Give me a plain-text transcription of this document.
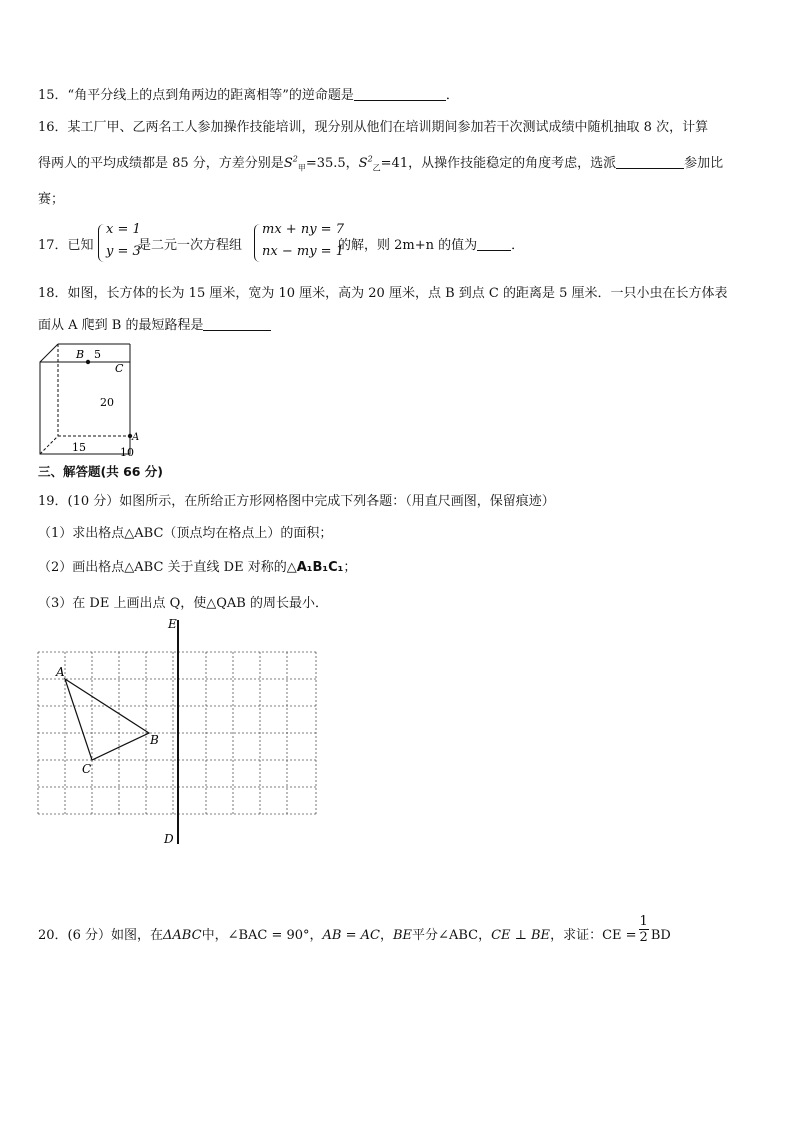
15．“角平分线上的点到角两边的距离相等”的逆命题是	．
16．某工厂甲、乙两名工人参加操作技能培训，现分别从他们在培训期间参加若干次测试成绩中随机抽取 8 次，计算
得两人的平均成绩都是 85 分，方差分别是$S^2_甲=35.5$，$S^2_乙=41$，从操作技能稳定的角度考虑，选派	参加比
赛；
17．已知
x = 1
y = 3
是二元一次方程组
mx + ny = 7
nx − my = 1
的解，则 2m+n 的值为	．
18．如图，长方体的长为 15 厘米，宽为 10 厘米，高为 20 厘米，点 B 到点 C 的距离是 5 厘米．一只小虫在长方体表
面从 A 爬到 B 的最短路程是
B 5
C
20
A
15	10
三、解答题(共 66 分)
19．(10 分）如图所示，在所给正方形网格图中完成下列各题：（用直尺画图，保留痕迹）
（1）求出格点△ABC（顶点均在格点上）的面积；
（2）画出格点△ABC 关于直线 DE 对称的△A₁B₁C₁；
（3）在 DE 上画出点 Q，使△QAB 的周长最小．
E
D
A
B
C
20．(6 分）如图，在ΔABC中，∠BAC = 90°，AB = AC，BE平分∠ABC，CE ⊥ BE，求证：CE = $\frac{1}{2}$ BD
